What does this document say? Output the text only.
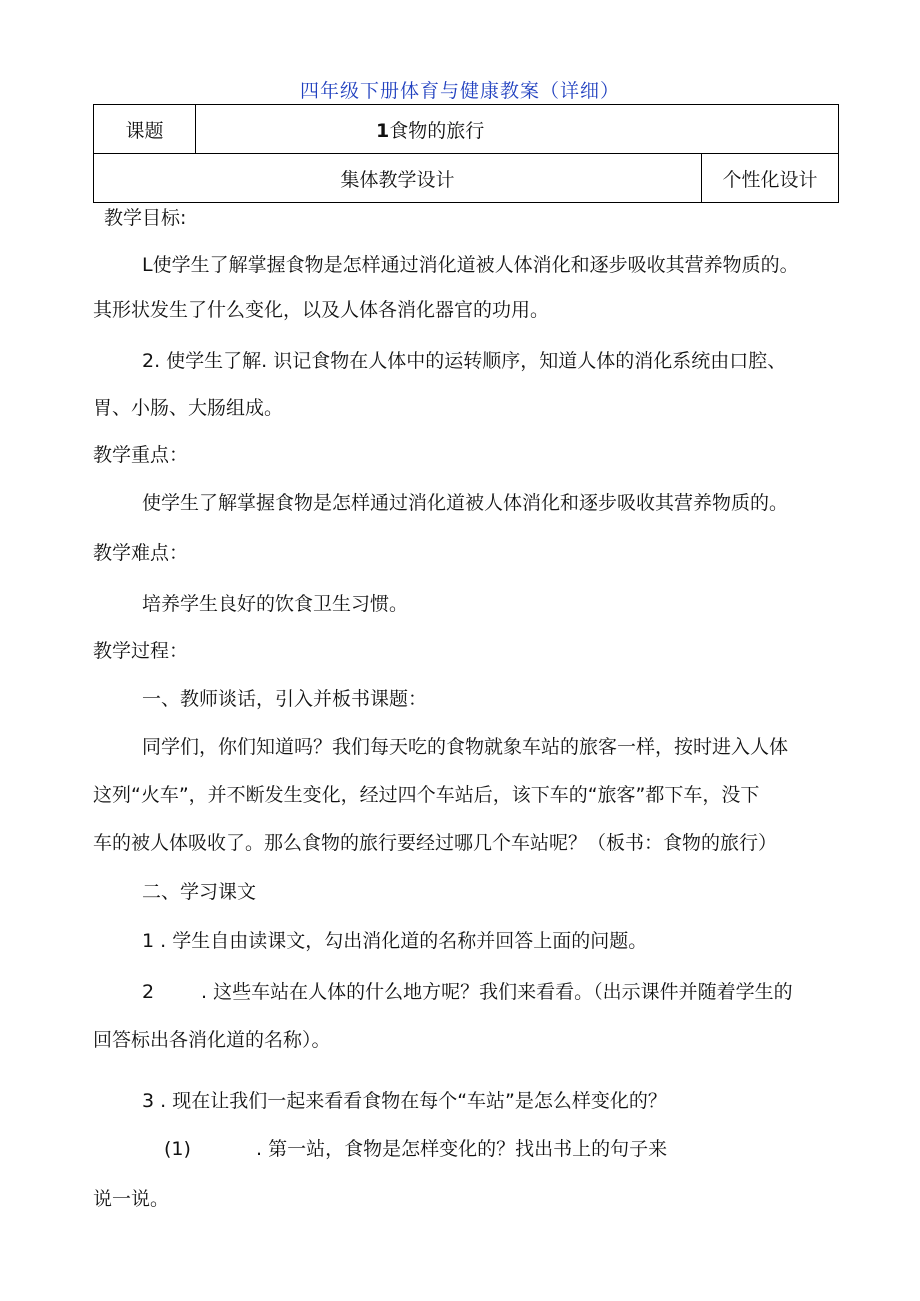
四年级下册体育与健康教案（详细）
课题	1食物的旅行	
集体教学设计		个性化设计
教学目标:
L使学生了解掌握食物是怎样通过消化道被人体消化和逐步吸收其营养物质的。
其形状发生了什么变化，以及人体各消化器官的功用。
2. 使学生了解. 识记食物在人体中的运转顺序，知道人体的消化系统由口腔、
胃、小肠、大肠组成。
教学重点：
使学生了解掌握食物是怎样通过消化道被人体消化和逐步吸收其营养物质的。
教学难点：
培养学生良好的饮食卫生习惯。
教学过程：
一、教师谈话，引入并板书课题：
同学们，你们知道吗？我们每天吃的食物就象车站的旅客一样，按时进入人体
这列“火车”，并不断发生变化，经过四个车站后，该下车的“旅客”都下车，没下
车的被人体吸收了。那么食物的旅行要经过哪几个车站呢？（板书：食物的旅行）
二、学习课文
1 . 学生自由读课文，勾出消化道的名称并回答上面的问题。
2 . 这些车站在人体的什么地方呢？我们来看看。（出示课件并随着学生的
回答标出各消化道的名称）。
3 . 现在让我们一起来看看食物在每个“车站”是怎么样变化的？
(1)	. 第一站，食物是怎样变化的？找出书上的句子来
说一说。
